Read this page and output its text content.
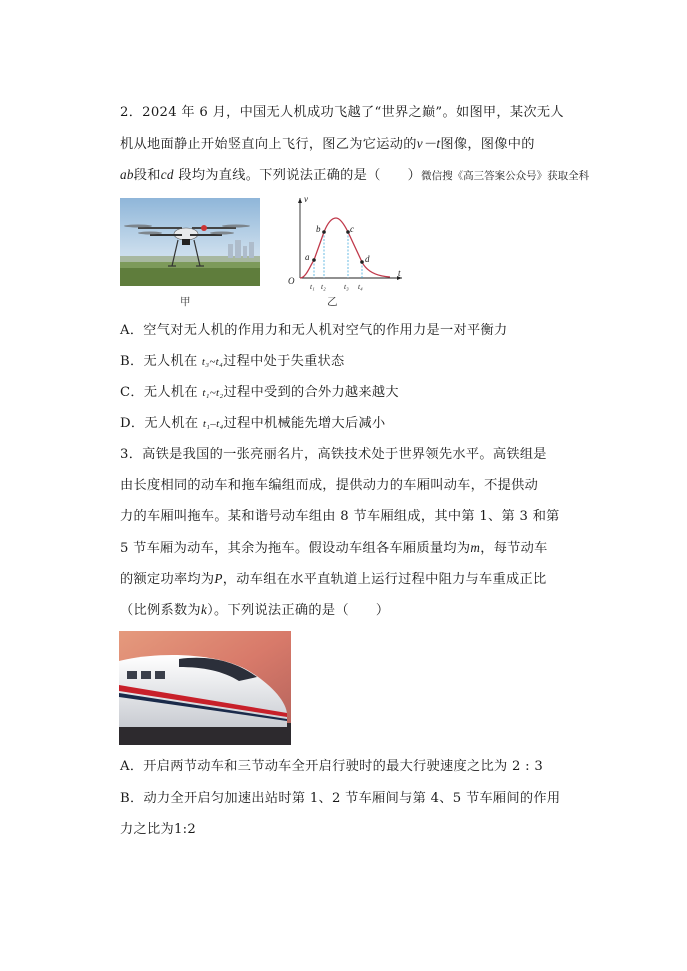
2．2024 年 6 月，中国无人机成功飞越了“世界之巅”。如图甲，某次无人
机从地面静止开始竖直向上飞行，图乙为它运动的v－t图像，图像中的
ab段和cd 段均为直线。下列说法正确的是（　　）微信搜《高三答案公众号》获取全科
甲
v
t
O
a
b	c
d
t₁ t₂ t₃ t₄
乙
A．空气对无人机的作用力和无人机对空气的作用力是一对平衡力
B．无人机在 t₃~t₄过程中处于失重状态
C．无人机在 t₁~t₂过程中受到的合外力越来越大
D．无人机在 t₁–t₄过程中机械能先增大后减小
3．高铁是我国的一张亮丽名片，高铁技术处于世界领先水平。高铁组是
由长度相同的动车和拖车编组而成，提供动力的车厢叫动车，不提供动
力的车厢叫拖车。某和谐号动车组由 8 节车厢组成，其中第 1、第 3 和第
5 节车厢为动车，其余为拖车。假设动车组各车厢质量均为m，每节动车
的额定功率均为P，动车组在水平直轨道上运行过程中阻力与车重成正比
（比例系数为k）。下列说法正确的是（　　）
A．开启两节动车和三节动车全开启行驶时的最大行驶速度之比为 2 : 3
B．动力全开启匀加速出站时第 1、2 节车厢间与第 4、5 节车厢间的作用
力之比为1:2
